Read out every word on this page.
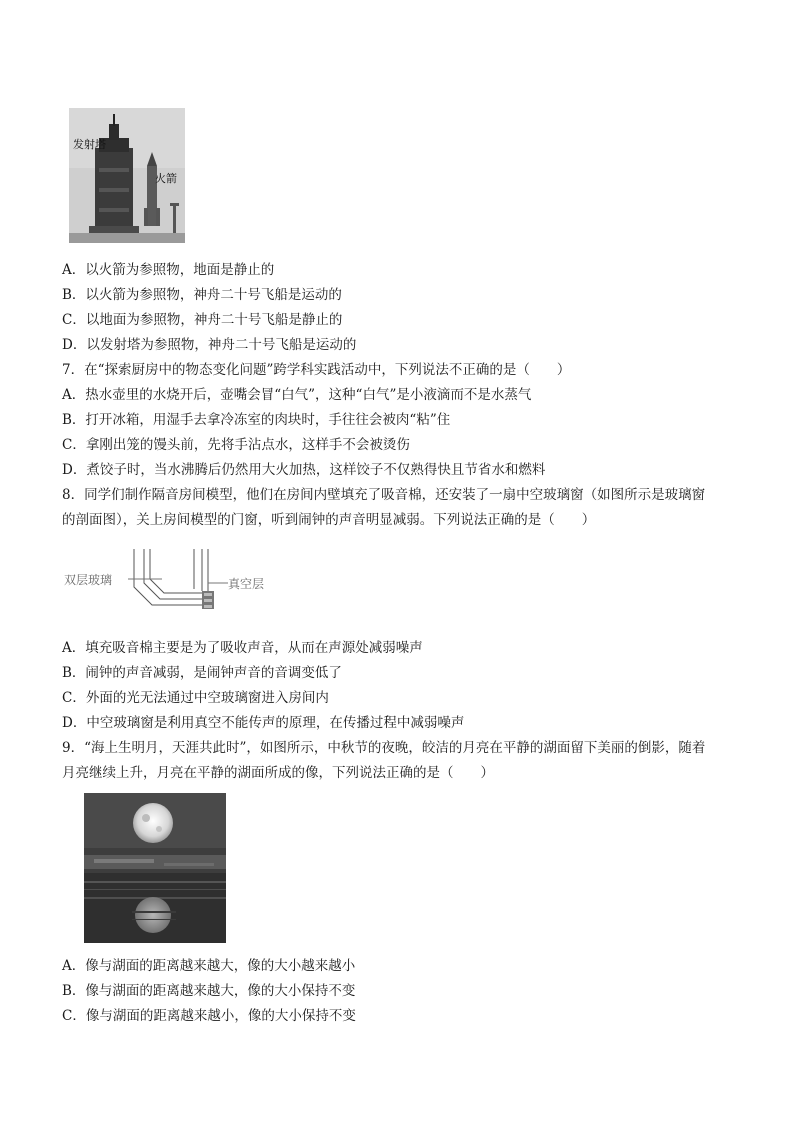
发射塔
火箭
A．以火箭为参照物，地面是静止的
B．以火箭为参照物，神舟二十号飞船是运动的
C．以地面为参照物，神舟二十号飞船是静止的
D．以发射塔为参照物，神舟二十号飞船是运动的
7．在“探索厨房中的物态变化问题”跨学科实践活动中，下列说法不正确的是（　　）
A．热水壶里的水烧开后，壶嘴会冒“白气”，这种“白气”是小液滴而不是水蒸气
B．打开冰箱，用湿手去拿冷冻室的肉块时，手往往会被肉“粘”住
C．拿刚出笼的馒头前，先将手沾点水，这样手不会被烫伤
D．煮饺子时，当水沸腾后仍然用大火加热，这样饺子不仅熟得快且节省水和燃料
8．同学们制作隔音房间模型，他们在房间内壁填充了吸音棉，还安装了一扇中空玻璃窗（如图所示是玻璃窗
的剖面图），关上房间模型的门窗，听到闹钟的声音明显减弱。下列说法正确的是（　　）
双层玻璃	真空层
A．填充吸音棉主要是为了吸收声音，从而在声源处减弱噪声
B．闹钟的声音减弱，是闹钟声音的音调变低了
C．外面的光无法通过中空玻璃窗进入房间内
D．中空玻璃窗是利用真空不能传声的原理，在传播过程中减弱噪声
9．“海上生明月，天涯共此时”，如图所示，中秋节的夜晚，皎洁的月亮在平静的湖面留下美丽的倒影，随着
月亮继续上升，月亮在平静的湖面所成的像，下列说法正确的是（　　）
A．像与湖面的距离越来越大，像的大小越来越小
B．像与湖面的距离越来越大，像的大小保持不变
C．像与湖面的距离越来越小，像的大小保持不变
